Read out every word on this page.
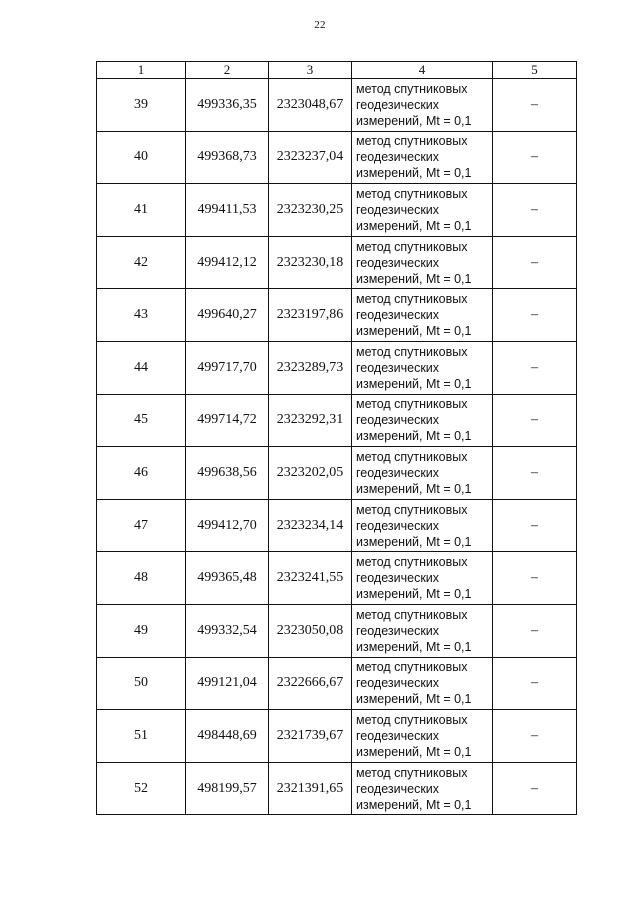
22
1	2	3	4	5
39	499336,35	2323048,67	метод спутниковых
геодезических
измерений, Mt = 0,1	–
40	499368,73	2323237,04	метод спутниковых
геодезических
измерений, Mt = 0,1	–
41	499411,53	2323230,25	метод спутниковых
геодезических
измерений, Mt = 0,1	–
42	499412,12	2323230,18	метод спутниковых
геодезических
измерений, Mt = 0,1	–
43	499640,27	2323197,86	метод спутниковых
геодезических
измерений, Mt = 0,1	–
44	499717,70	2323289,73	метод спутниковых
геодезических
измерений, Mt = 0,1	–
45	499714,72	2323292,31	метод спутниковых
геодезических
измерений, Mt = 0,1	–
46	499638,56	2323202,05	метод спутниковых
геодезических
измерений, Mt = 0,1	–
47	499412,70	2323234,14	метод спутниковых
геодезических
измерений, Mt = 0,1	–
48	499365,48	2323241,55	метод спутниковых
геодезических
измерений, Mt = 0,1	–
49	499332,54	2323050,08	метод спутниковых
геодезических
измерений, Mt = 0,1	–
50	499121,04	2322666,67	метод спутниковых
геодезических
измерений, Mt = 0,1	–
51	498448,69	2321739,67	метод спутниковых
геодезических
измерений, Mt = 0,1	–
52	498199,57	2321391,65	метод спутниковых
геодезических
измерений, Mt = 0,1	–
